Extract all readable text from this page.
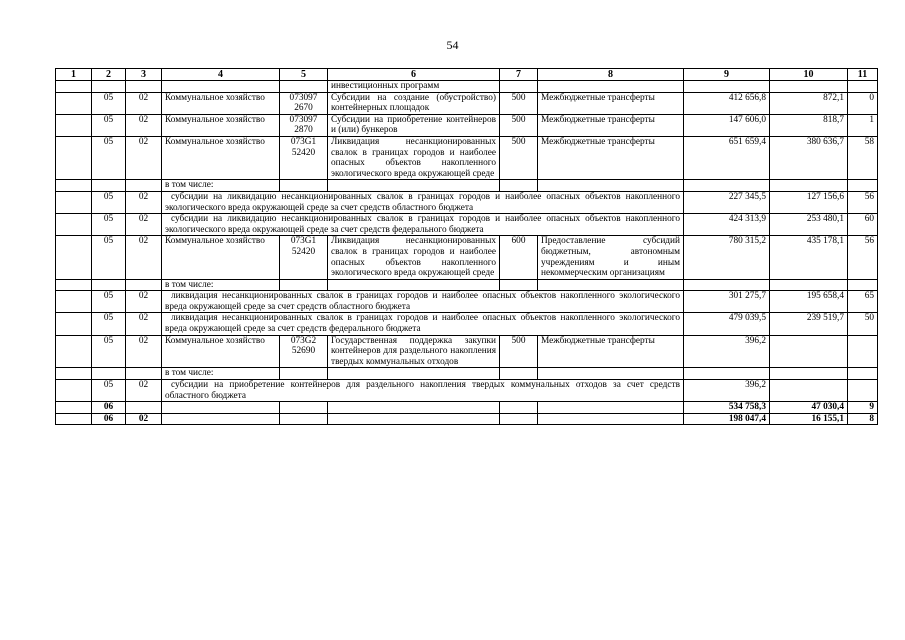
54
1	2	3	4	5	6	7	8	9	10	11
					инвестиционных программ					
	05	02	Коммунальное хозяйство	073097 2670	Субсидии на создание (обустройство) контейнерных площадок	500	Межбюджетные трансферты	412 656,8	872,1	0
	05	02	Коммунальное хозяйство	073097 2870	Субсидии на приобретение контейнеров и (или) бункеров	500	Межбюджетные трансферты	147 606,0	818,7	1
	05	02	Коммунальное хозяйство	073G1 52420	Ликвидация несанкционированных свалок в границах городов и наиболее опасных объектов накопленного экологического вреда окружающей среде	500	Межбюджетные трансферты	651 659,4	380 636,7	58
			в том числе:							
	05	02	субсидии на ликвидацию несанкционированных свалок в границах городов и наиболее опасных объектов накопленного экологического вреда окружающей среде за счет средств областного бюджета					227 345,5	127 156,6	56
	05	02	субсидии на ликвидацию несанкционированных свалок в границах городов и наиболее опасных объектов накопленного экологического вреда окружающей среде за счет средств федерального бюджета					424 313,9	253 480,1	60
	05	02	Коммунальное хозяйство	073G1 52420	Ликвидация несанкционированных свалок в границах городов и наиболее опасных объектов накопленного экологического вреда окружающей среде	600	Предоставление субсидий бюджетным, автономным учреждениям и иным некоммерческим организациям	780 315,2	435 178,1	56
			в том числе:							
	05	02	ликвидация несанкционированных свалок в границах городов и наиболее опасных объектов накопленного экологического вреда окружающей среде за счет средств областного бюджета					301 275,7	195 658,4	65
	05	02	ликвидация несанкционированных свалок в границах городов и наиболее опасных объектов накопленного экологического вреда окружающей среде за счет средств федерального бюджета					479 039,5	239 519,7	50
	05	02	Коммунальное хозяйство	073G2 52690	Государственная поддержка закупки контейнеров для раздельного накопления твердых коммунальных отходов	500	Межбюджетные трансферты	396,2		
			в том числе:							
	05	02	субсидии на приобретение контейнеров для раздельного накопления твердых коммунальных отходов за счет средств областного бюджета					396,2		
	06							534 758,3	47 030,4	9
	06	02						198 047,4	16 155,1	8
